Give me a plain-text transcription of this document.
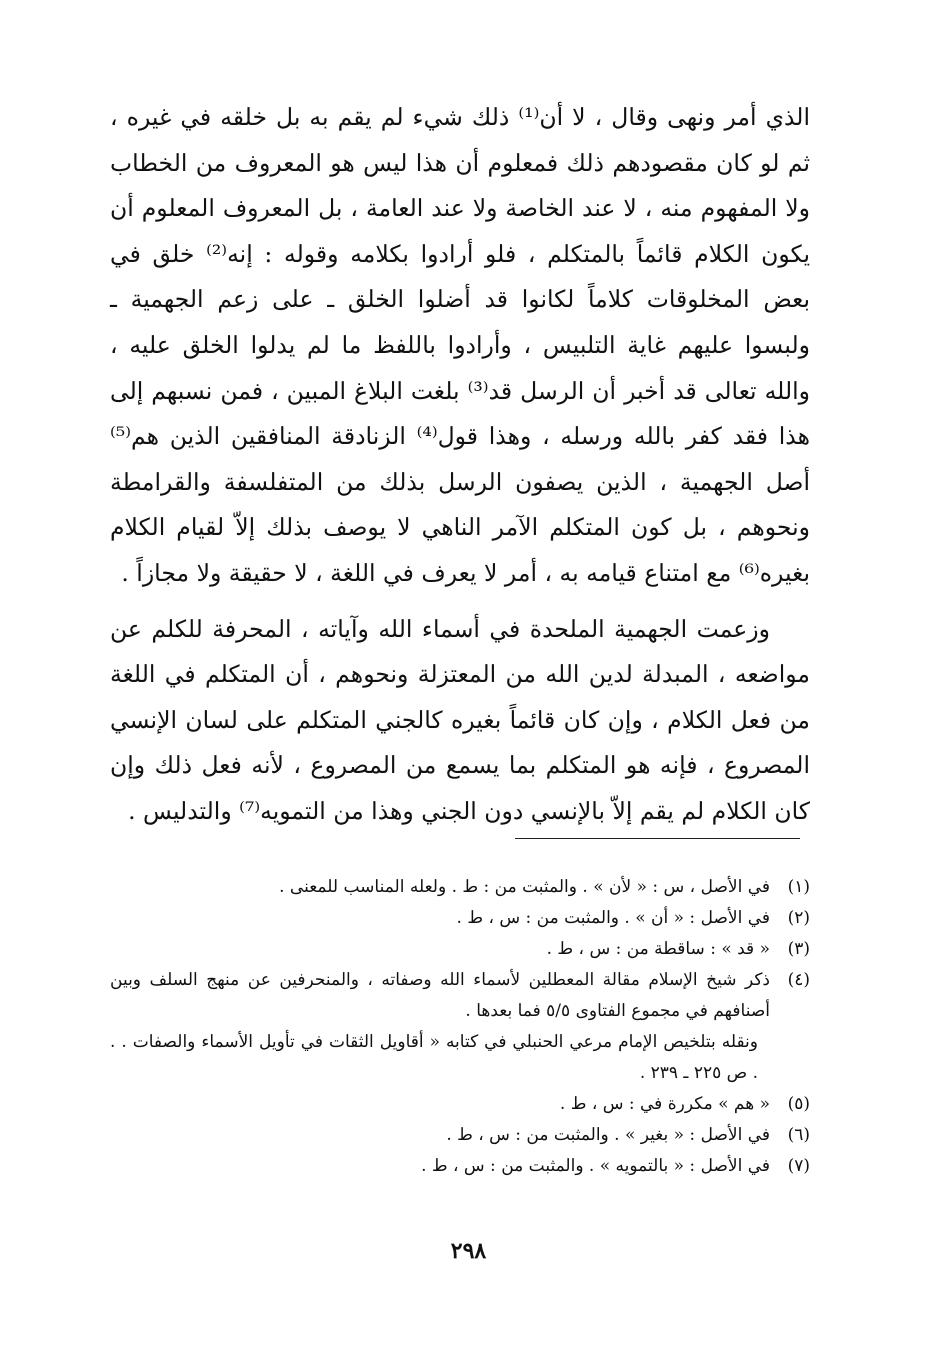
الذي أمر ونهى وقال ، لا أن⁽¹⁾ ذلك شيء لم يقم به بل خلقه في غيره ، ثم لو كان مقصودهم ذلك فمعلوم أن هذا ليس هو المعروف من الخطاب ولا المفهوم منه ، لا عند الخاصة ولا عند العامة ، بل المعروف المعلوم أن يكون الكلام قائماً بالمتكلم ، فلو أرادوا بكلامه وقوله : إنه⁽²⁾ خلق في بعض المخلوقات كلاماً لكانوا قد أضلوا الخلق ـ على زعم الجهمية ـ ولبسوا عليهم غاية التلبيس ، وأرادوا باللفظ ما لم يدلوا الخلق عليه ، والله تعالى قد أخبر أن الرسل قد⁽³⁾ بلغت البلاغ المبين ، فمن نسبهم إلى هذا فقد كفر بالله ورسله ، وهذا قول⁽⁴⁾ الزنادقة المنافقين الذين هم⁽⁵⁾ أصل الجهمية ، الذين يصفون الرسل بذلك من المتفلسفة والقرامطة ونحوهم ، بل كون المتكلم الآمر الناهي لا يوصف بذلك إلاّ لقيام الكلام بغيره⁽⁶⁾ مع امتناع قيامه به ، أمر لا يعرف في اللغة ، لا حقيقة ولا مجازاً .

وزعمت الجهمية الملحدة في أسماء الله وآياته ، المحرفة للكلم عن مواضعه ، المبدلة لدين الله من المعتزلة ونحوهم ، أن المتكلم في اللغة من فعل الكلام ، وإن كان قائماً بغيره كالجني المتكلم على لسان الإنسي المصروع ، فإنه هو المتكلم بما يسمع من المصروع ، لأنه فعل ذلك وإن كان الكلام لم يقم إلاّ بالإنسي دون الجني وهذا من التمويه⁽⁷⁾ والتدليس .

(١)
في الأصل ، س : « لأن » . والمثبت من : ط . ولعله المناسب للمعنى .
(٢)
في الأصل : « أن » . والمثبت من : س ، ط .
(٣)
« قد » : ساقطة من : س ، ط .
(٤)
ذكر شيخ الإسلام مقالة المعطلين لأسماء الله وصفاته ، والمنحرفين عن منهج السلف وبين أصنافهم في مجموع الفتاوى ٥/٥ فما بعدها .
ونقله بتلخيص الإمام مرعي الحنبلي في كتابه « أقاويل الثقات في تأويل الأسماء والصفات . . . ص ٢٢٥ ـ ٢٣٩ .
(٥)
« هم » مكررة في : س ، ط .
(٦)
في الأصل : « بغير » . والمثبت من : س ، ط .
(٧)
في الأصل : « بالتمويه » . والمثبت من : س ، ط .
٢٩٨
